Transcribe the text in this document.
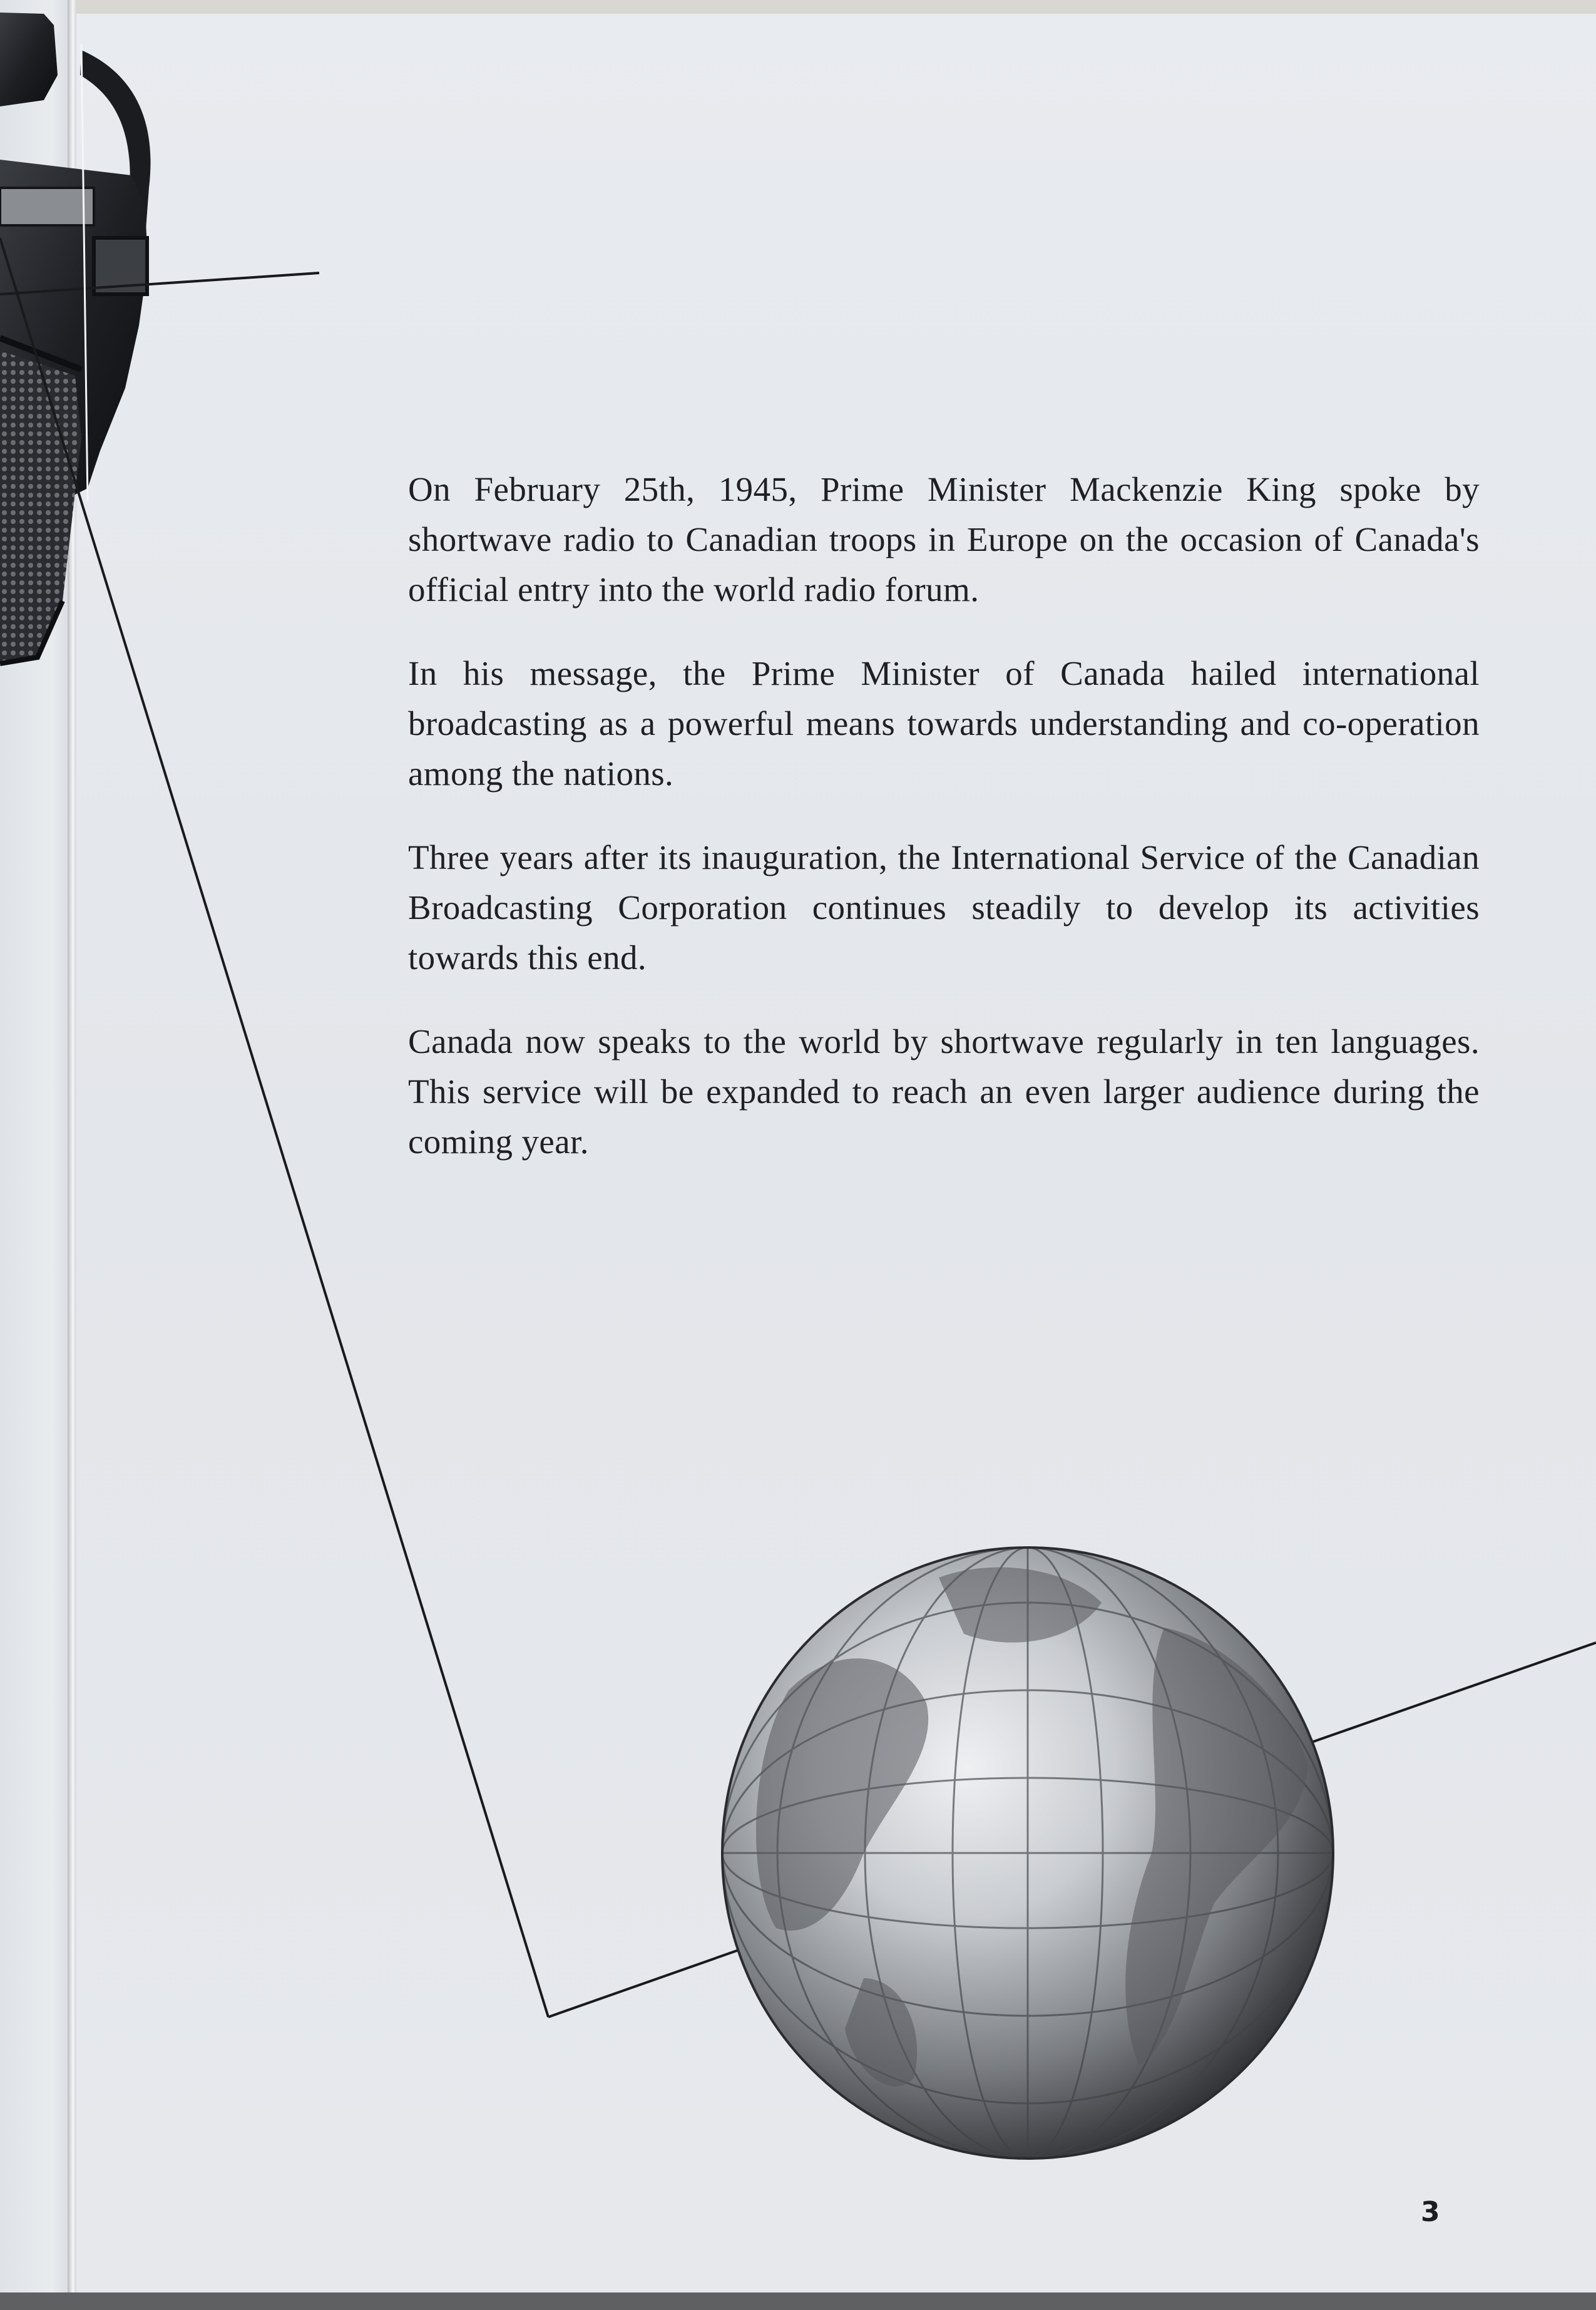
On February 25th, 1945, Prime Minister Mackenzie King spoke by shortwave radio to Canadian troops in Europe on the occasion of Canada's official entry into the world radio forum.

In his message, the Prime Minister of Canada hailed international broadcasting as a powerful means towards understanding and co-operation among the nations.

Three years after its inauguration, the International Service of the Canadian Broadcasting Corporation continues steadily to develop its activities towards this end.

Canada now speaks to the world by shortwave regularly in ten languages. This service will be expanded to reach an even larger audience during the coming year.

3
